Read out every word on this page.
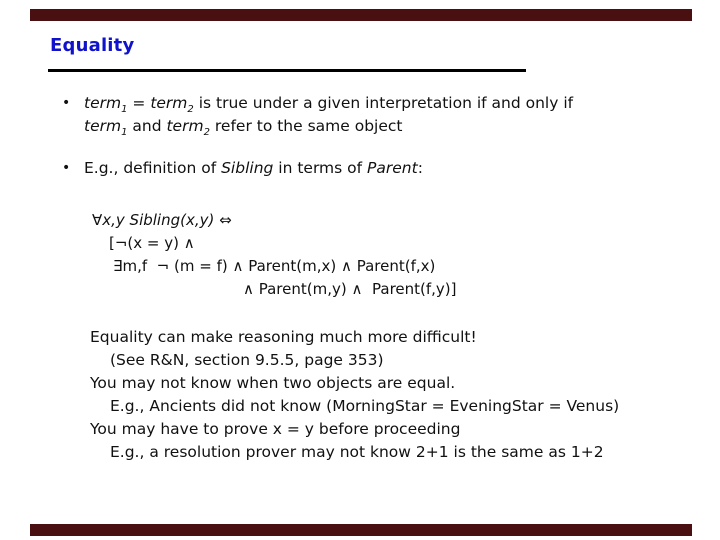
Equality
• term$_1$ = term$_2$ is true under a given interpretation if and only if
term$_1$ and term$_2$ refer to the same object
• E.g., definition of Sibling in terms of Parent:
∀x,y Sibling(x,y) ⇔
[¬(x = y) ∧
∃m,f  ¬ (m = f) ∧ Parent(m,x) ∧ Parent(f,x)
∧ Parent(m,y) ∧  Parent(f,y)]
Equality can make reasoning much more difficult!
(See R&N, section 9.5.5, page 353)
You may not know when two objects are equal.
E.g., Ancients did not know (MorningStar = EveningStar = Venus)
You may have to prove x = y before proceeding
E.g., a resolution prover may not know 2+1 is the same as 1+2
